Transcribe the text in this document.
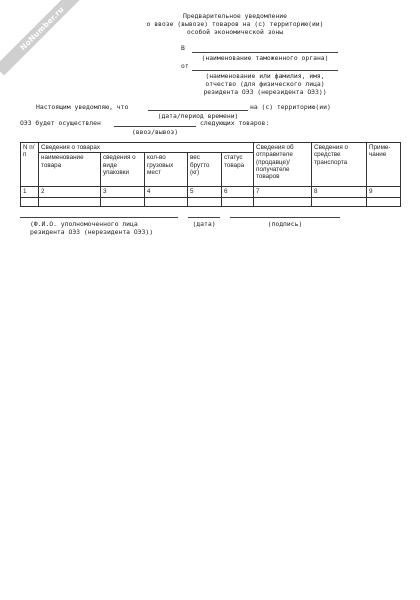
NoNumber.ru	Предварительное уведомление
о ввозе (вывозе) товаров на (с) территорию(ии)
особой экономической зоны
В
(наименование таможенного органа)
от
(наименование или фамилия, имя,
отчество (для физического лица)
резидента ОЭЗ (нерезидента ОЭЗ))
Настоящим уведомляю, что	на (с) территорию(ии)
(дата/период времени)
ОЭЗ будет осуществлен	следующих товаров:
(ввоз/вывоз)
N п/п	Сведения о товарах					Сведения об отправителе (продавце)/ получателе товаров	Сведения о средстве транспорта	Приме- чание
	наименование товара	сведения о виде упаковки	кол-во грузовых мест	вес брутто (кг)	статус товара			
1	2	3	4	5	6	7	8	9

(Ф.И.О. уполномоченного лица
резидента ОЭЗ (нерезидента ОЭЗ))
(дата)	(подпись)
